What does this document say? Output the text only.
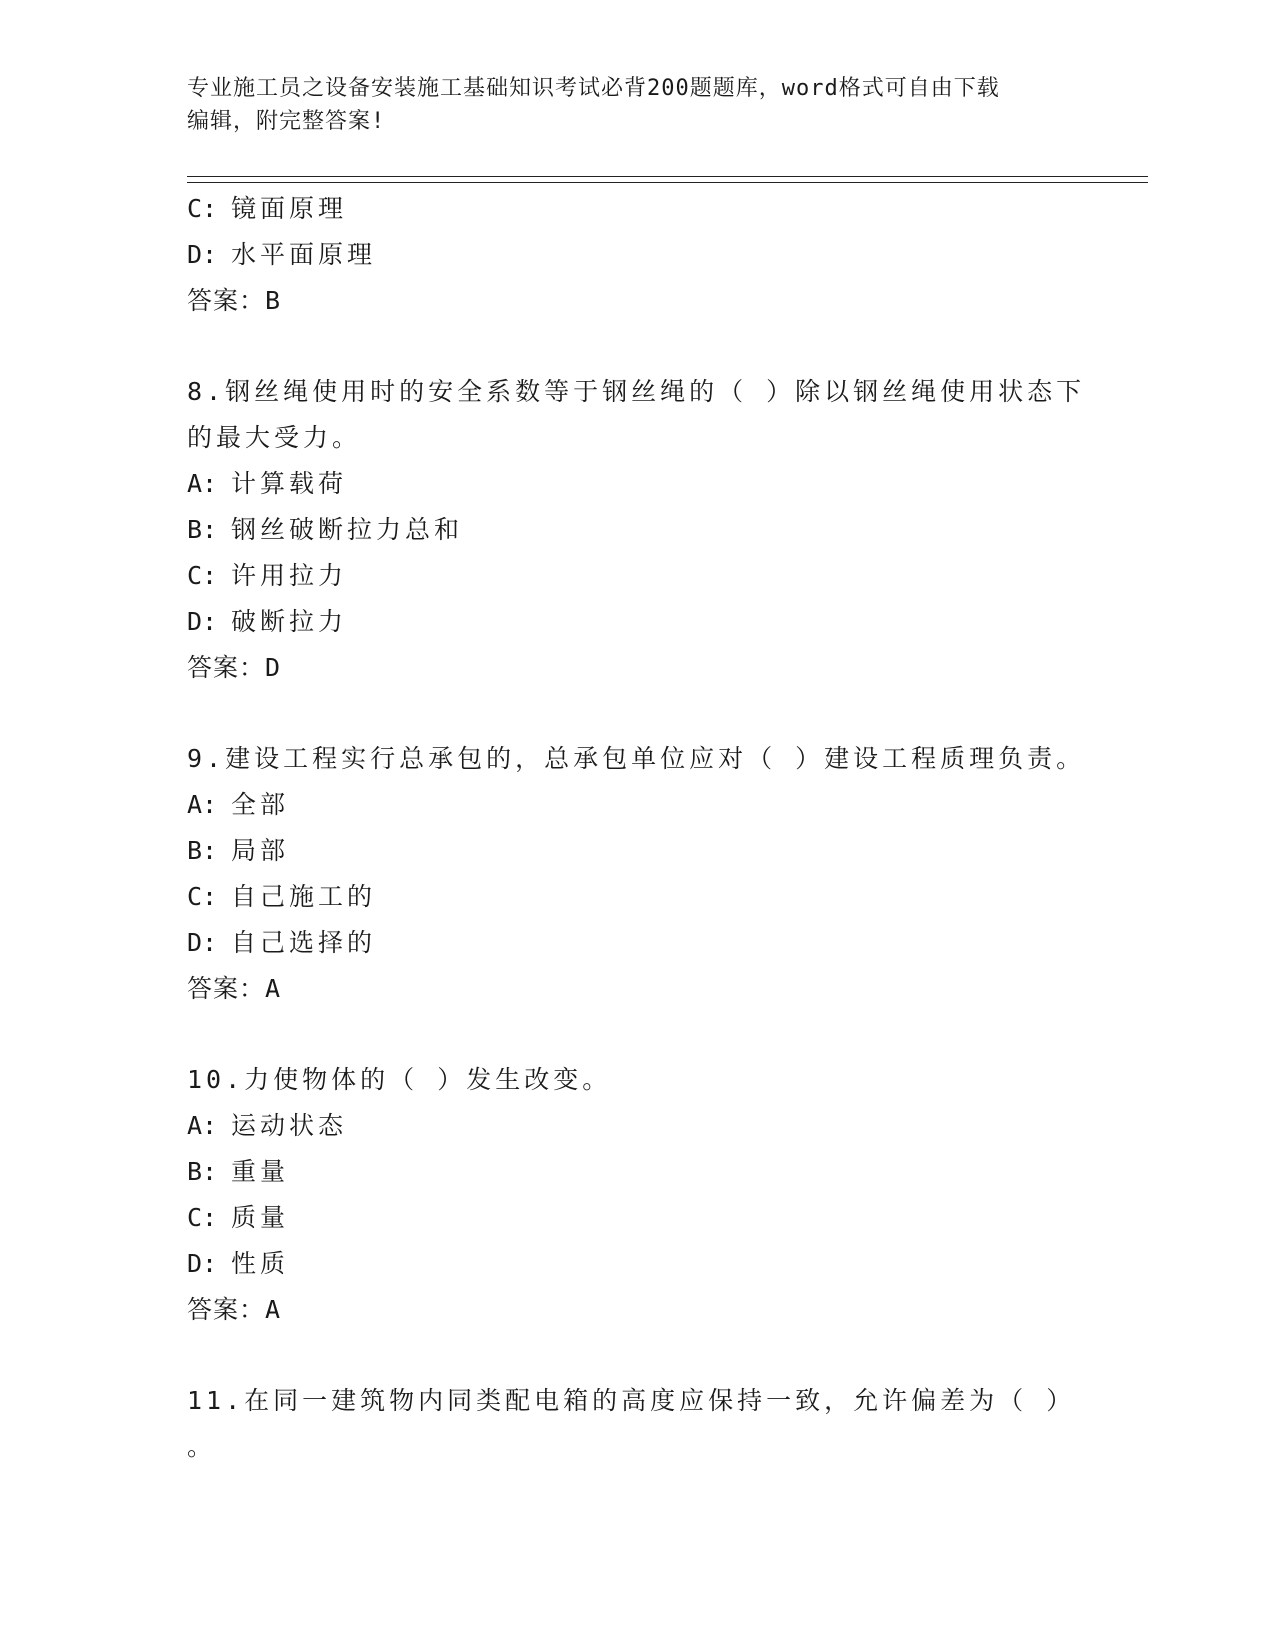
专业施工员之设备安装施工基础知识考试必背200题题库，word格式可自由下载
编辑，附完整答案!
C: 镜面原理
D: 水平面原理
答案：B
8.钢丝绳使用时的安全系数等于钢丝绳的（ ）除以钢丝绳使用状态下
的最大受力。
A: 计算载荷
B: 钢丝破断拉力总和
C: 许用拉力
D: 破断拉力
答案：D
9.建设工程实行总承包的，总承包单位应对（ ）建设工程质理负责。
A: 全部
B: 局部
C: 自己施工的
D: 自己选择的
答案：A
10.力使物体的（ ）发生改变。
A: 运动状态
B: 重量
C: 质量
D: 性质
答案：A
11.在同一建筑物内同类配电箱的高度应保持一致，允许偏差为（ ）
。
